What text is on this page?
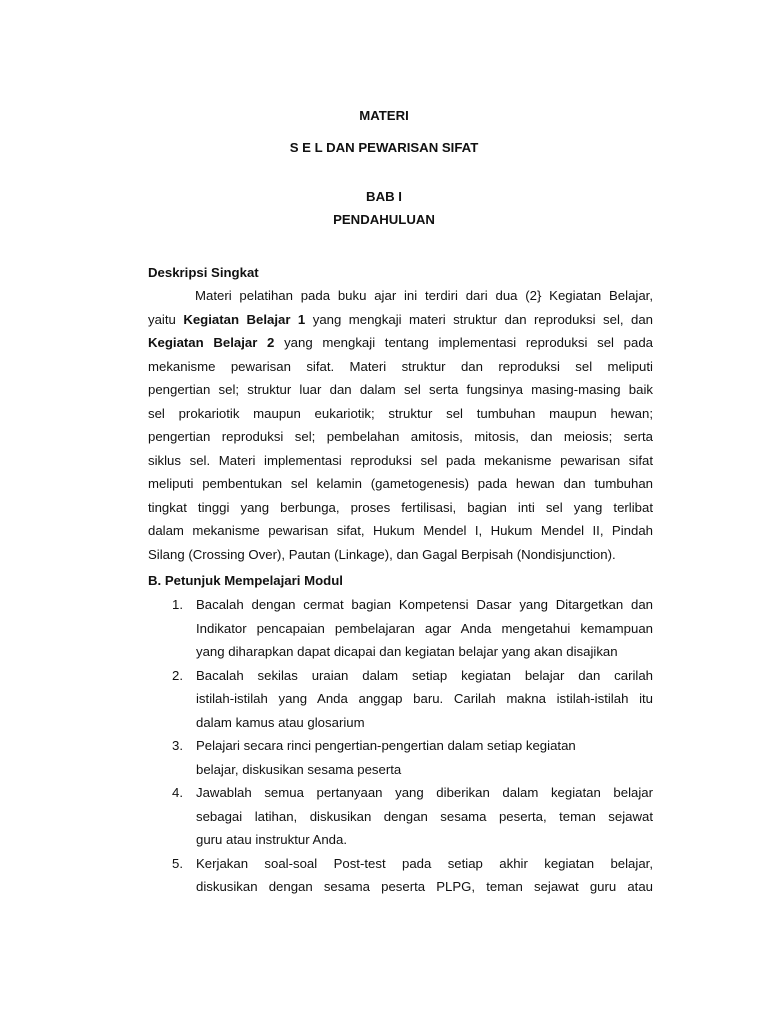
MATERI
S E L DAN PEWARISAN SIFAT
BAB I
PENDAHULUAN
Deskripsi Singkat
Materi pelatihan pada buku ajar ini terdiri dari dua (2} Kegiatan Belajar,
yaitu Kegiatan Belajar 1 yang mengkaji materi struktur dan reproduksi sel, dan
Kegiatan Belajar 2 yang mengkaji tentang implementasi reproduksi sel pada
mekanisme pewarisan sifat. Materi struktur dan reproduksi sel meliputi
pengertian sel; struktur luar dan dalam sel serta fungsinya masing-masing baik
sel prokariotik maupun eukariotik; struktur sel tumbuhan maupun hewan;
pengertian reproduksi sel; pembelahan amitosis, mitosis, dan meiosis; serta
siklus sel. Materi implementasi reproduksi sel pada mekanisme pewarisan sifat
meliputi pembentukan sel kelamin (gametogenesis) pada hewan dan tumbuhan
tingkat tinggi yang berbunga, proses fertilisasi, bagian inti sel yang terlibat
dalam mekanisme pewarisan sifat, Hukum Mendel I, Hukum Mendel II, Pindah
Silang (Crossing Over), Pautan (Linkage), dan Gagal Berpisah (Nondisjunction).
B. Petunjuk Mempelajari Modul
1. Bacalah dengan cermat bagian Kompetensi Dasar yang Ditargetkan dan
Indikator pencapaian pembelajaran agar Anda mengetahui kemampuan
yang diharapkan dapat dicapai dan kegiatan belajar yang akan disajikan
2. Bacalah sekilas uraian dalam setiap kegiatan belajar dan carilah
istilah-istilah yang Anda anggap baru. Carilah makna istilah-istilah itu
dalam kamus atau glosarium
3. Pelajari secara rinci pengertian-pengertian dalam setiap kegiatan
belajar, diskusikan sesama peserta
4. Jawablah semua pertanyaan yang diberikan dalam kegiatan belajar
sebagai latihan, diskusikan dengan sesama peserta, teman sejawat
guru atau instruktur Anda.
5. Kerjakan soal-soal Post-test pada setiap akhir kegiatan belajar,
diskusikan dengan sesama peserta PLPG, teman sejawat guru atau
